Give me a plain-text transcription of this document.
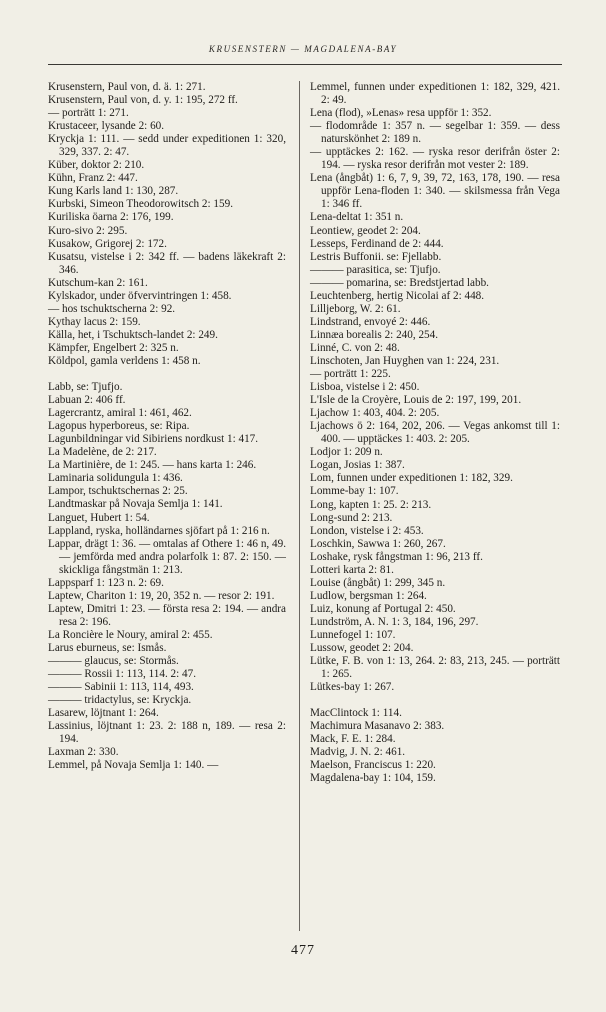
KRUSENSTERN — MAGDALENA-BAY

Krusenstern, Paul von, d. ä. 1: 271.

Krusenstern, Paul von, d. y. 1: 195, 272 ff.

— porträtt 1: 271.

Krustaceer, lysande 2: 60.

Kryckja 1: 111. — sedd under expeditionen 1: 320, 329, 337. 2: 47.

Küber, doktor 2: 210.

Kühn, Franz 2: 447.

Kung Karls land 1: 130, 287.

Kurbski, Simeon Theodorowitsch 2: 159.

Kuriliska öarna 2: 176, 199.

Kuro-sivo 2: 295.

Kusakow, Grigorej 2: 172.

Kusatsu, vistelse i 2: 342 ff. — badens läkekraft 2: 346.

Kutschum-kan 2: 161.

Kylskador, under öfvervintringen 1: 458.

— hos tschuktscherna 2: 92.

Kythay lacus 2: 159.

Källa, het, i Tschuktsch-landet 2: 249.

Kämpfer, Engelbert 2: 325 n.

Köldpol, gamla verldens 1: 458 n.

Labb, se: Tjufjo.

Labuan 2: 406 ff.

Lagercrantz, amiral 1: 461, 462.

Lagopus hyperboreus, se: Ripa.

Lagunbildningar vid Sibiriens nordkust 1: 417.

La Madelène, de 2: 217.

La Martinière, de 1: 245. — hans karta 1: 246.

Laminaria solidungula 1: 436.

Lampor, tschuktschernas 2: 25.

Landtmaskar på Novaja Semlja 1: 141.

Languet, Hubert 1: 54.

Lappland, ryska, holländarnes sjöfart på 1: 216 n.

Lappar, drägt 1: 36. — omtalas af Othere 1: 46 n, 49. — jemförda med andra polarfolk 1: 87. 2: 150. — skickliga fångstmän 1: 213.

Lappsparf 1: 123 n. 2: 69.

Laptew, Chariton 1: 19, 20, 352 n. — resor 2: 191.

Laptew, Dmitri 1: 23. — första resa 2: 194. — andra resa 2: 196.

La Roncière le Noury, amiral 2: 455.

Larus eburneus, se: Ismås.

——— glaucus, se: Stormås.

——— Rossii 1: 113, 114. 2: 47.

——— Sabinii 1: 113, 114, 493.

——— tridactylus, se: Kryckja.

Lasarew, löjtnant 1: 264.

Lassinius, löjtnant 1: 23. 2: 188 n, 189. — resa 2: 194.

Laxman 2: 330.

Lemmel, på Novaja Semlja 1: 140. —

Lemmel, funnen under expeditionen 1: 182, 329, 421. 2: 49.

Lena (flod), »Lenas» resa uppför 1: 352.

— flodområde 1: 357 n. — segelbar 1: 359. — dess naturskönhet 2: 189 n.

— upptäckes 2: 162. — ryska resor derifrån öster 2: 194. — ryska resor derifrån mot vester 2: 189.

Lena (ångbåt) 1: 6, 7, 9, 39, 72, 163, 178, 190. — resa uppför Lena-floden 1: 340. — skilsmessa från Vega 1: 346 ff.

Lena-deltat 1: 351 n.

Leontiew, geodet 2: 204.

Lesseps, Ferdinand de 2: 444.

Lestris Buffonii. se: Fjellabb.

——— parasitica, se: Tjufjo.

——— pomarina, se: Bredstjertad labb.

Leuchtenberg, hertig Nicolai af 2: 448.

Lilljeborg, W. 2: 61.

Lindstrand, envoyé 2: 446.

Linnæa borealis 2: 240, 254.

Linné, C. von 2: 48.

Linschoten, Jan Huyghen van 1: 224, 231.

— porträtt 1: 225.

Lisboa, vistelse i 2: 450.

L'Isle de la Croyère, Louis de 2: 197, 199, 201.

Ljachow 1: 403, 404. 2: 205.

Ljachows ö 2: 164, 202, 206. — Vegas ankomst till 1: 400. — upptäckes 1: 403. 2: 205.

Lodjor 1: 209 n.

Logan, Josias 1: 387.

Lom, funnen under expeditionen 1: 182, 329.

Lomme-bay 1: 107.

Long, kapten 1: 25. 2: 213.

Long-sund 2: 213.

London, vistelse i 2: 453.

Loschkin, Sawwa 1: 260, 267.

Loshake, rysk fångstman 1: 96, 213 ff.

Lotteri karta 2: 81.

Louise (ångbåt) 1: 299, 345 n.

Ludlow, bergsman 1: 264.

Luiz, konung af Portugal 2: 450.

Lundström, A. N. 1: 3, 184, 196, 297.

Lunnefogel 1: 107.

Lussow, geodet 2: 204.

Lütke, F. B. von 1: 13, 264. 2: 83, 213, 245. — porträtt 1: 265.

Lütkes-bay 1: 267.

MacClintock 1: 114.

Machimura Masanavo 2: 383.

Mack, F. E. 1: 284.

Madvig, J. N. 2: 461.

Maelson, Franciscus 1: 220.

Magdalena-bay 1: 104, 159.

477
